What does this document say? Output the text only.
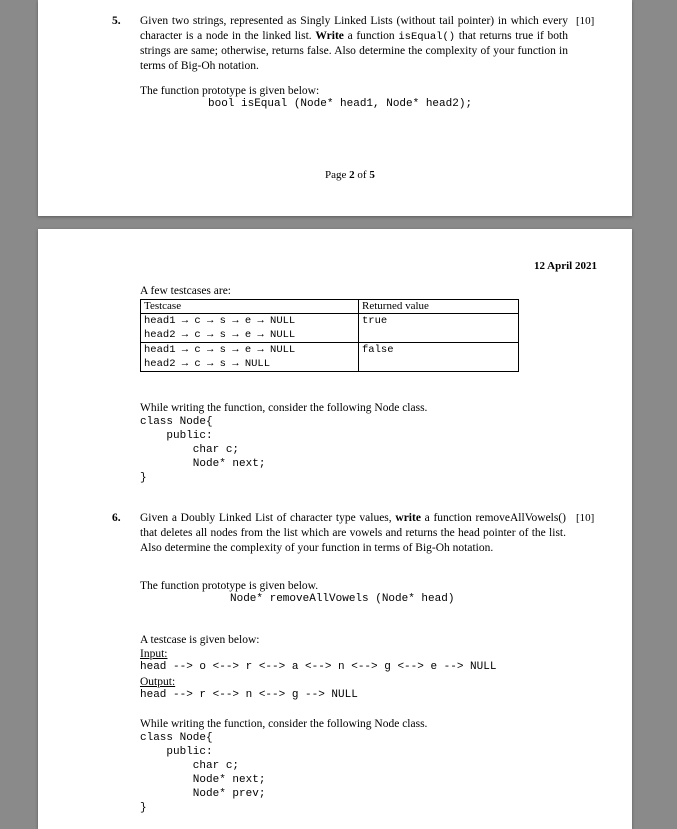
5. Given two strings, represented as Singly Linked Lists (without tail pointer) in which every character is a node in the linked list. Write a function isEqual() that returns true if both strings are same; otherwise, returns false. Also determine the complexity of your function in terms of Big-Oh notation.
[10]
The function prototype is given below:
bool isEqual (Node* head1, Node* head2);
Page 2 of 5
12 April 2021
A few testcases are:
Testcase	Returned value

head1 → c → s → e → NULL
head2 → c → s → e → NULL	true

head1 → c → s → e → NULL
head2 → c → s → NULL	false
While writing the function, consider the following Node class.
class Node{
public:
char c;
Node* next;
}
6. Given a Doubly Linked List of character type values, write a function removeAllVowels() that deletes all nodes from the list which are vowels and returns the head pointer of the list. Also determine the complexity of your function in terms of Big-Oh notation.
[10]
The function prototype is given below.
Node* removeAllVowels (Node* head)
A testcase is given below:
Input:
head --> o <--> r <--> a <--> n <--> g <--> e --> NULL
Output:
head --> r <--> n <--> g --> NULL
While writing the function, consider the following Node class.
class Node{
public:
char c;
Node* next;
Node* prev;
}
